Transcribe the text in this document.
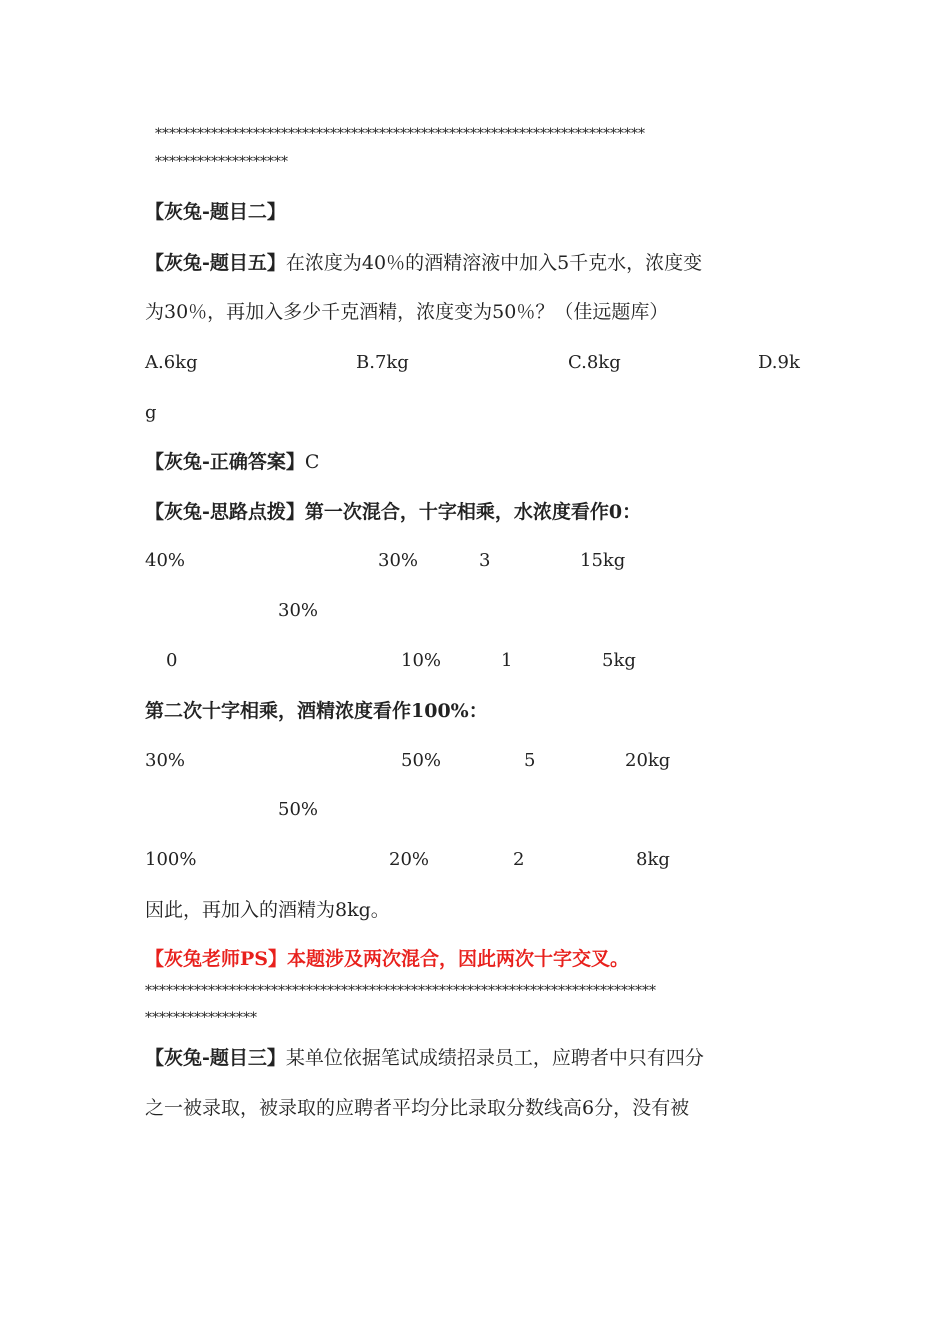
**********************************************************************
*******************
【灰兔-题目二】
【灰兔-题目五】在浓度为40％的酒精溶液中加入5千克水，浓度变
为30％，再加入多少千克酒精，浓度变为50％？（佳远题库）
A.6kg	B.7kg	C.8kg	D.9k
g
【灰兔-正确答案】C
【灰兔-思路点拨】第一次混合，十字相乘，水浓度看作0：
40%	30%	3	15kg
30%
0	10%	1	5kg
第二次十字相乘，酒精浓度看作100%：
30%	50%	5	20kg
50%
100%	20%	2	8kg
因此，再加入的酒精为8kg。
【灰兔老师PS】本题涉及两次混合，因此两次十字交叉。
*************************************************************************
****************
【灰兔-题目三】某单位依据笔试成绩招录员工，应聘者中只有四分
之一被录取，被录取的应聘者平均分比录取分数线高6分，没有被
